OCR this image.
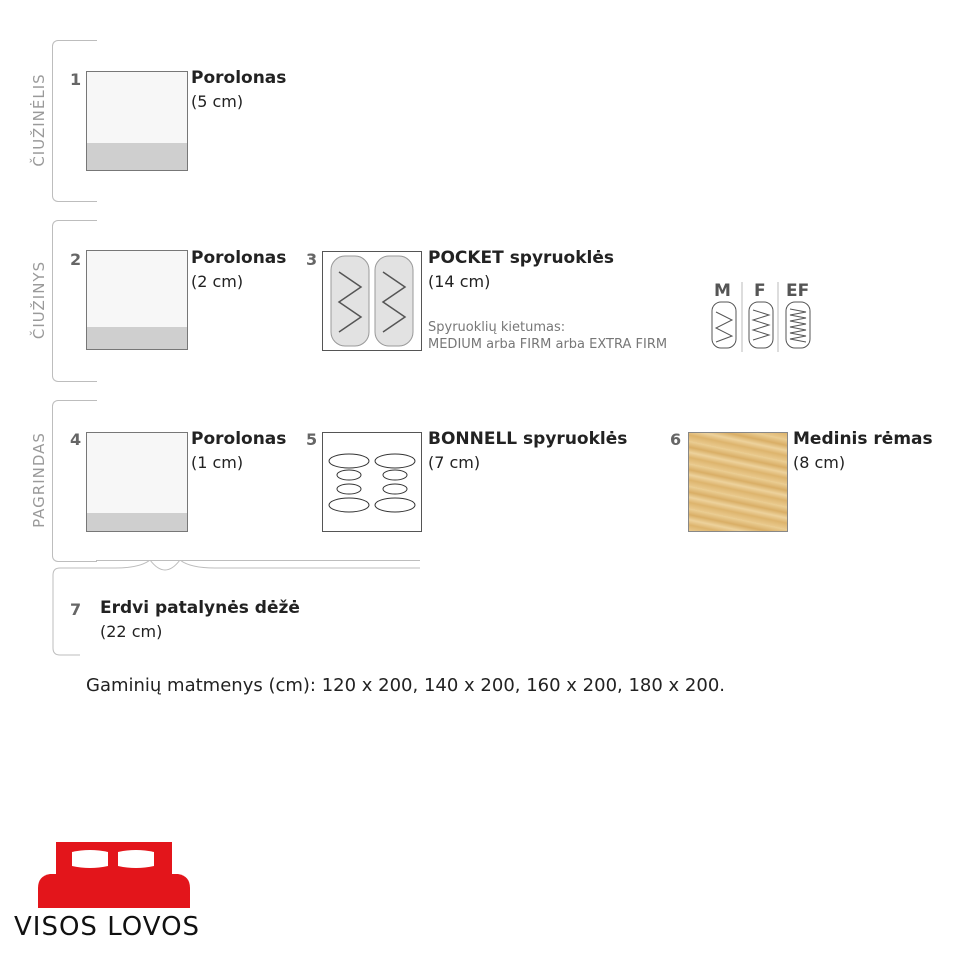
ČIUŽINĖLIS
ČIUŽINYS
PAGRINDAS
1	Porolonas
(5 cm)
2	Porolonas
(2 cm)
3	POCKET spyruoklės
(14 cm)
Spyruoklių kietumas:
MEDIUM arba FIRM arba EXTRA FIRM
M F EF
4	Porolonas
(1 cm)
5	BONNELL spyruoklės
(7 cm)
6	Medinis rėmas
(8 cm)
7 Erdvi patalynės dėžė
(22 cm)
Gaminių matmenys (cm): 120 x 200, 140 x 200, 160 x 200, 180 x 200.
VISOS LOVOS
